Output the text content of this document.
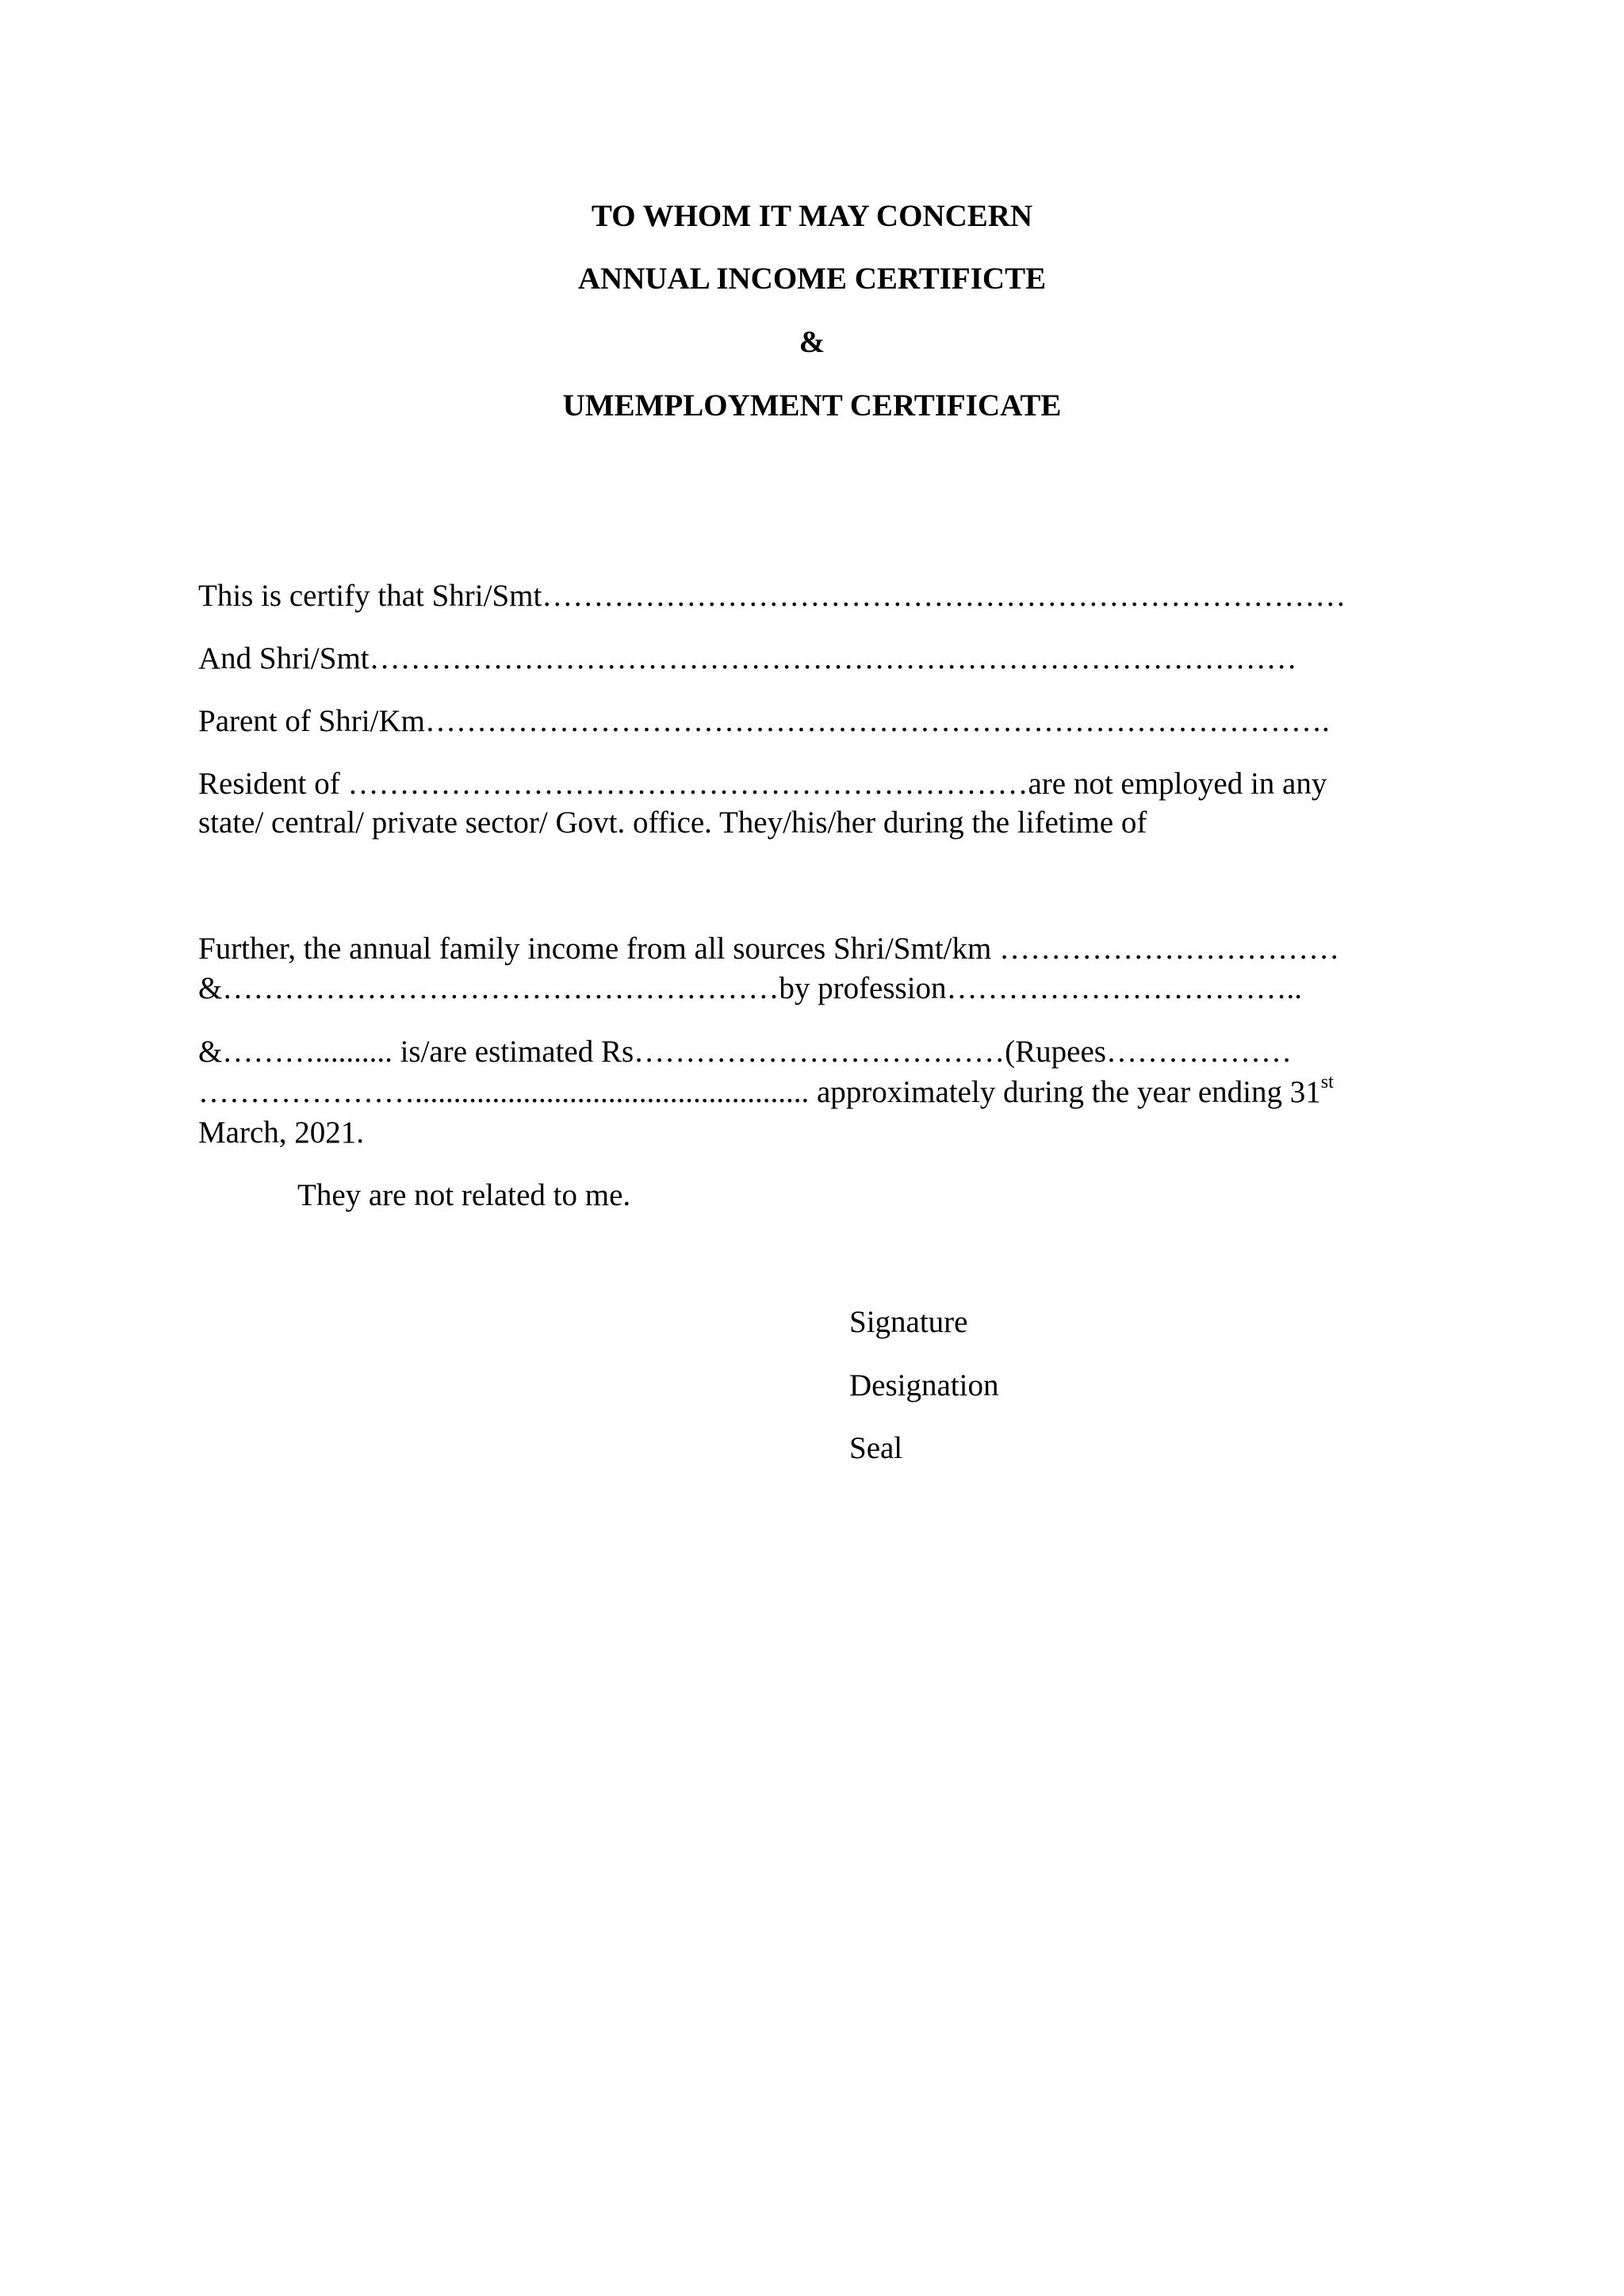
TO WHOM IT MAY CONCERN
ANNUAL INCOME CERTIFICTE
&
UMEMPLOYMENT CERTIFICATE
This is certify that Shri/Smt……………………………………………………………………
And Shri/Smt………………………………………………………………………………
Parent of Shri/Km…………………………………………………………………………….
Resident of …………………………………………………………are not employed in any
state/ central/ private sector/ Govt. office. They/his/her during the lifetime of
Further, the annual family income from all sources Shri/Smt/km ……………………………
&………………………………………………by profession……………………………..
&……….......... is/are estimated Rs………………………………(Rupees………………
…………………................................................... approximately during the year ending 31st
March, 2021.
They are not related to me.
Signature
Designation
Seal
